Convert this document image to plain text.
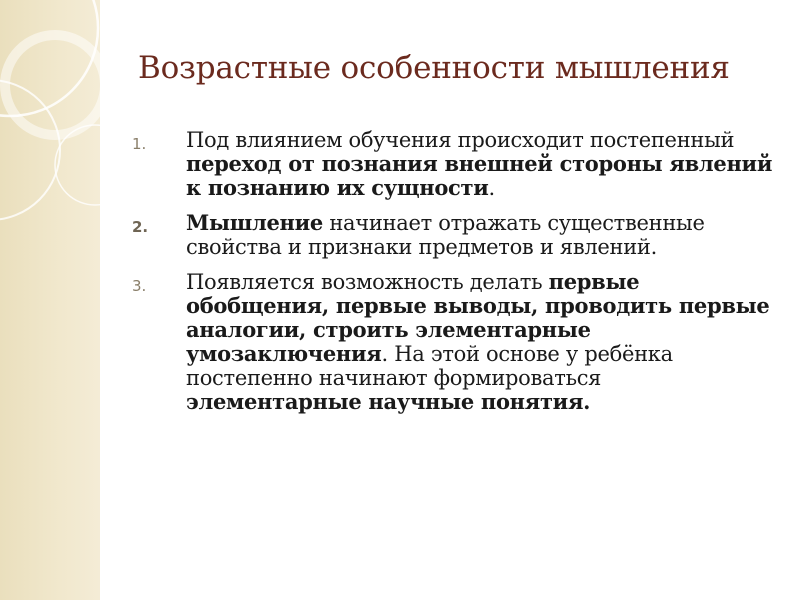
Возрастные особенности мышления
1.	Под влиянием обучения происходит постепенный переход от познания внешней стороны явлений к познанию их сущности.
2.	Мышление начинает отражать существенные свойства и признаки предметов и явлений.
3.	Появляется возможность делать первые обобщения, первые выводы, проводить первые аналогии, строить элементарные умозаключения. На этой основе у ребёнка постепенно начинают формироваться элементарные научные понятия.
